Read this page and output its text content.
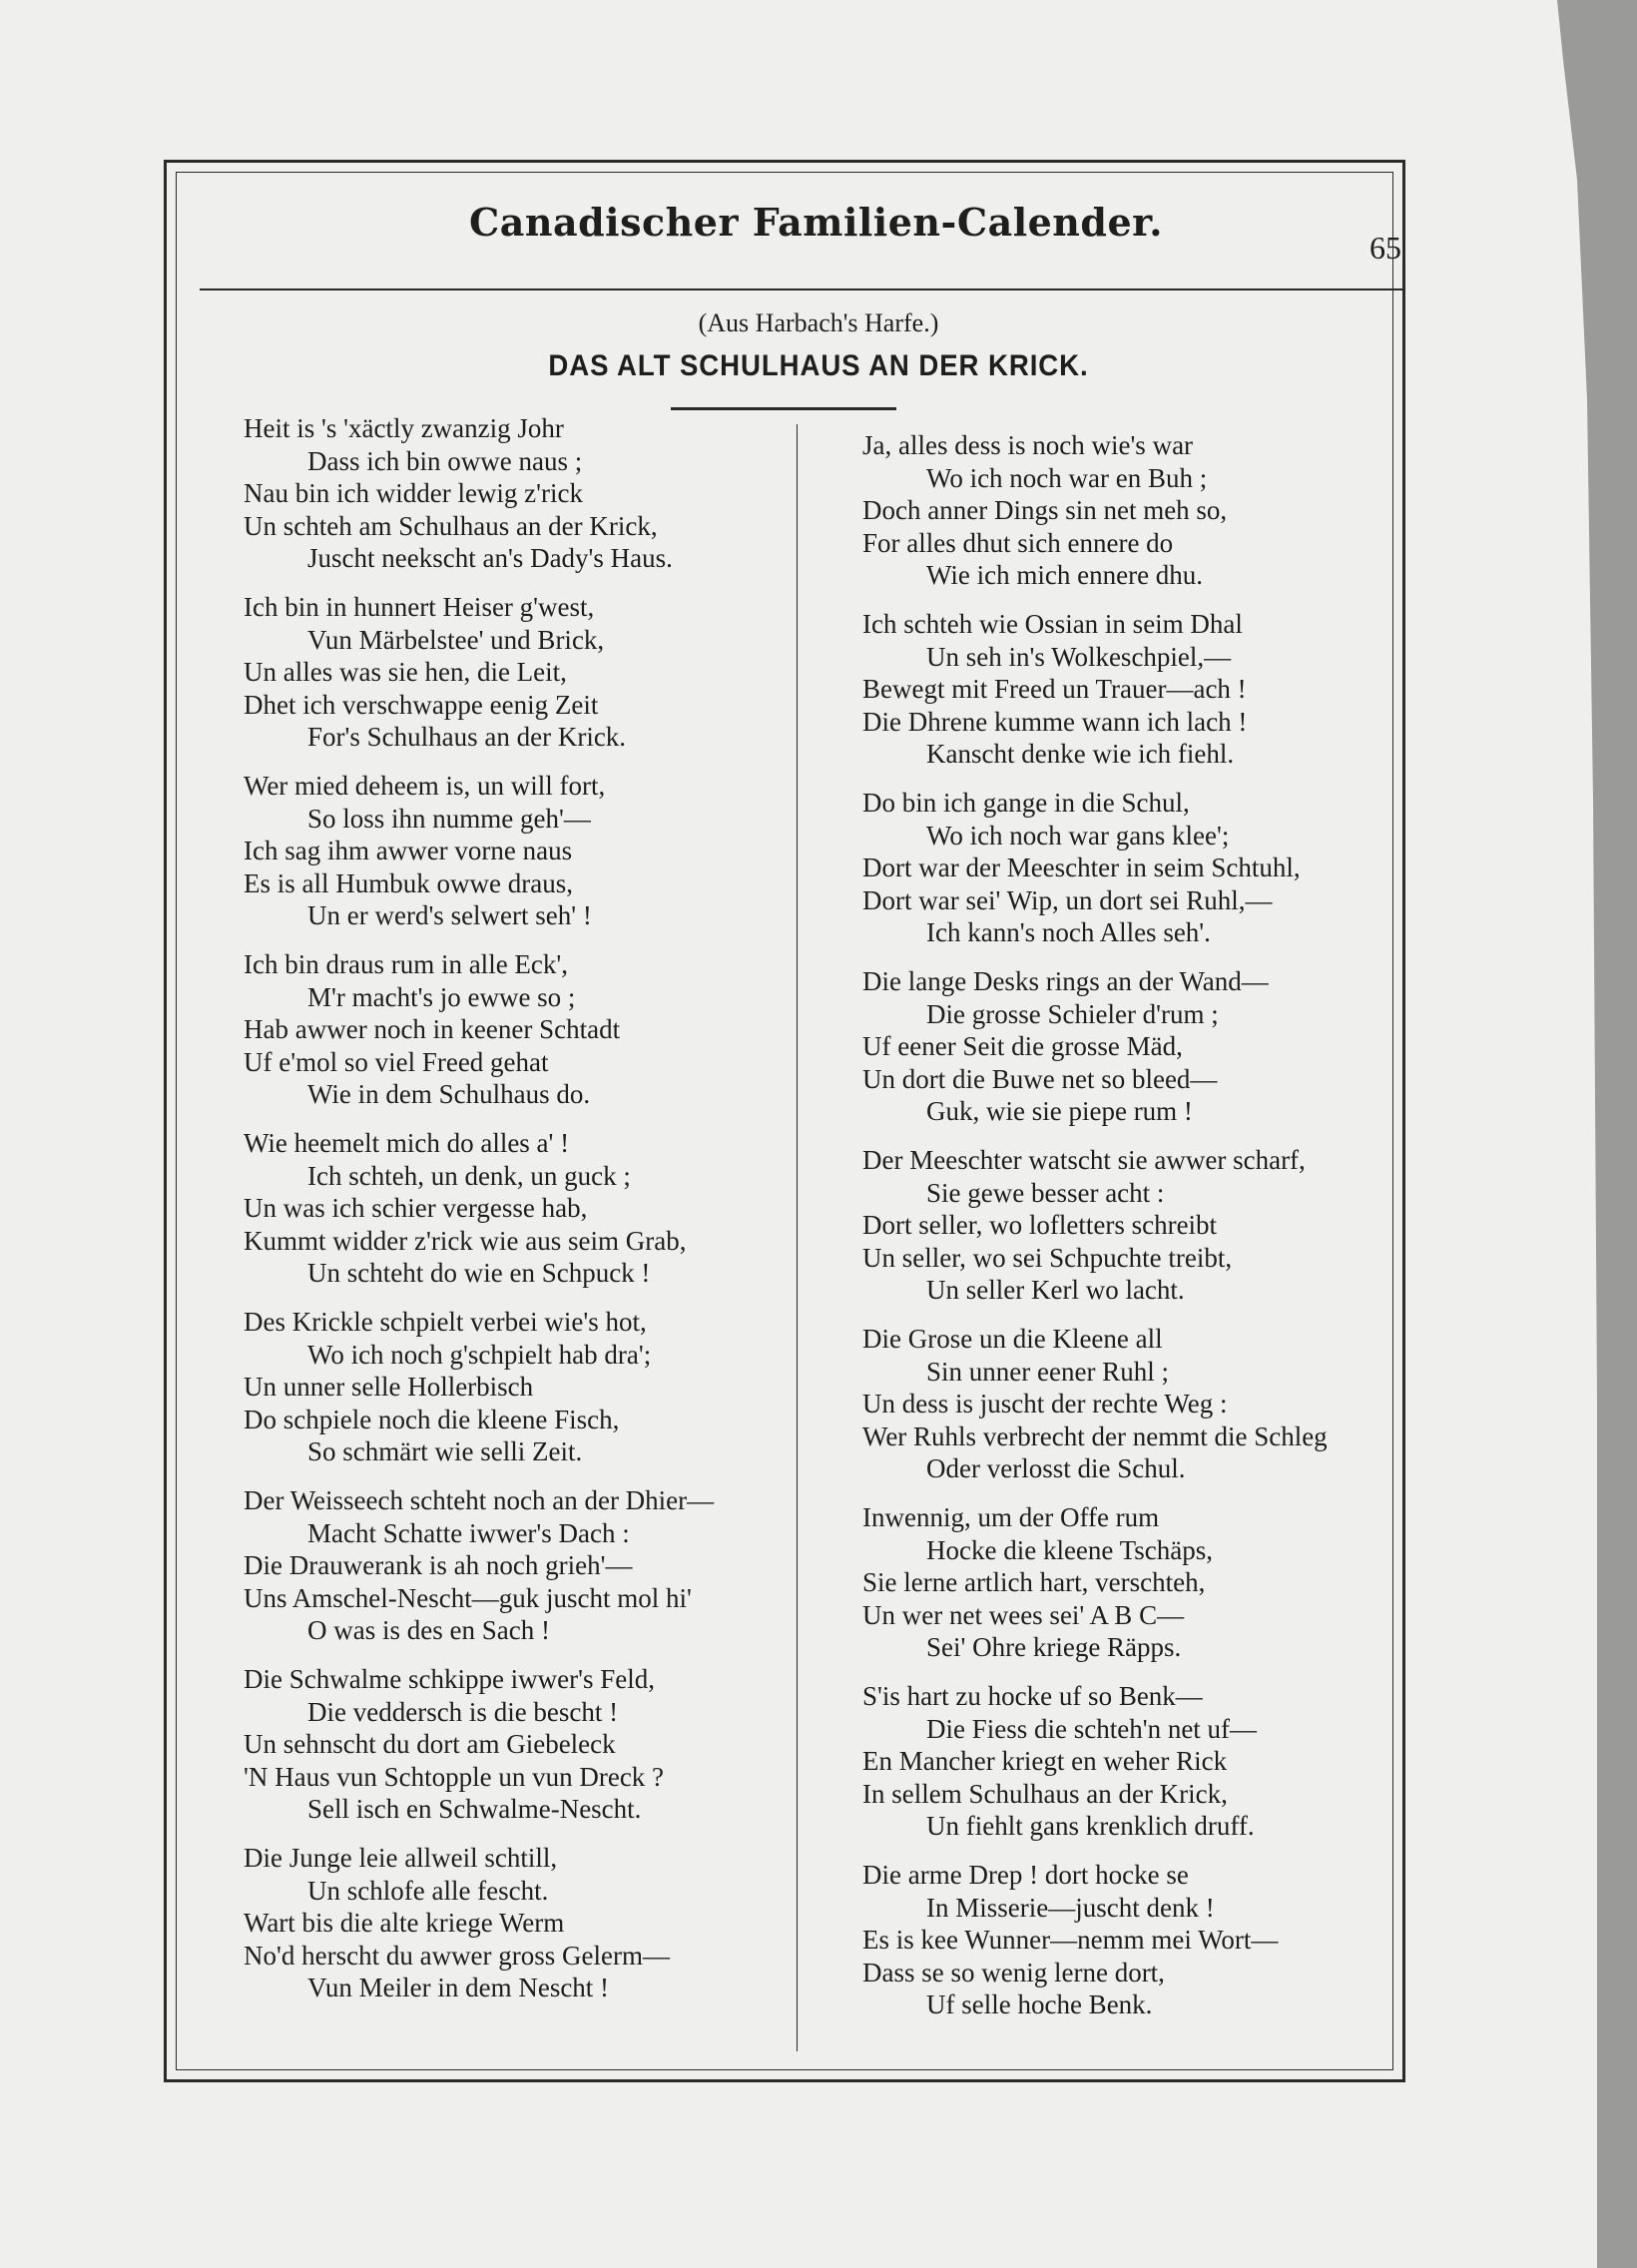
Canadischer Familien-Calender.
65
(Aus Harbach's Harfe.)
DAS ALT SCHULHAUS AN DER KRICK.
Heit is 's 'xäctly zwanzig Johr
Dass ich bin owwe naus ;
Nau bin ich widder lewig z'rick
Un schteh am Schulhaus an der Krick,
Juscht neekscht an's Dady's Haus.
Ich bin in hunnert Heiser g'west,
Vun Märbelstee' und Brick,
Un alles was sie hen, die Leit,
Dhet ich verschwappe eenig Zeit
For's Schulhaus an der Krick.
Wer mied deheem is, un will fort,
So loss ihn numme geh'—
Ich sag ihm awwer vorne naus
Es is all Humbuk owwe draus,
Un er werd's selwert seh' !
Ich bin draus rum in alle Eck',
M'r macht's jo ewwe so ;
Hab awwer noch in keener Schtadt
Uf e'mol so viel Freed gehat
Wie in dem Schulhaus do.
Wie heemelt mich do alles a' !
Ich schteh, un denk, un guck ;
Un was ich schier vergesse hab,
Kummt widder z'rick wie aus seim Grab,
Un schteht do wie en Schpuck !
Des Krickle schpielt verbei wie's hot,
Wo ich noch g'schpielt hab dra';
Un unner selle Hollerbisch
Do schpiele noch die kleene Fisch,
So schmärt wie selli Zeit.
Der Weisseech schteht noch an der Dhier—
Macht Schatte iwwer's Dach :
Die Drauwerank is ah noch grieh'—
Uns Amschel-Nescht—guk juscht mol hi'
O was is des en Sach !
Die Schwalme schkippe iwwer's Feld,
Die veddersch is die bescht !
Un sehnscht du dort am Giebeleck
'N Haus vun Schtopple un vun Dreck ?
Sell isch en Schwalme-Nescht.
Die Junge leie allweil schtill,
Un schlofe alle fescht.
Wart bis die alte kriege Werm
No'd herscht du awwer gross Gelerm—
Vun Meiler in dem Nescht !
Ja, alles dess is noch wie's war
Wo ich noch war en Buh ;
Doch anner Dings sin net meh so,
For alles dhut sich ennere do
Wie ich mich ennere dhu.
Ich schteh wie Ossian in seim Dhal
Un seh in's Wolkeschpiel,—
Bewegt mit Freed un Trauer—ach !
Die Dhrene kumme wann ich lach !
Kanscht denke wie ich fiehl.
Do bin ich gange in die Schul,
Wo ich noch war gans klee';
Dort war der Meeschter in seim Schtuhl,
Dort war sei' Wip, un dort sei Ruhl,—
Ich kann's noch Alles seh'.
Die lange Desks rings an der Wand—
Die grosse Schieler d'rum ;
Uf eener Seit die grosse Mäd,
Un dort die Buwe net so bleed—
Guk, wie sie piepe rum !
Der Meeschter watscht sie awwer scharf,
Sie gewe besser acht :
Dort seller, wo lofletters schreibt
Un seller, wo sei Schpuchte treibt,
Un seller Kerl wo lacht.
Die Grose un die Kleene all
Sin unner eener Ruhl ;
Un dess is juscht der rechte Weg :
Wer Ruhls verbrecht der nemmt die Schleg
Oder verlosst die Schul.
Inwennig, um der Offe rum
Hocke die kleene Tschäps,
Sie lerne artlich hart, verschteh,
Un wer net wees sei' A B C—
Sei' Ohre kriege Räpps.
S'is hart zu hocke uf so Benk—
Die Fiess die schteh'n net uf—
En Mancher kriegt en weher Rick
In sellem Schulhaus an der Krick,
Un fiehlt gans krenklich druff.
Die arme Drep ! dort hocke se
In Misserie—juscht denk !
Es is kee Wunner—nemm mei Wort—
Dass se so wenig lerne dort,
Uf selle hoche Benk.
